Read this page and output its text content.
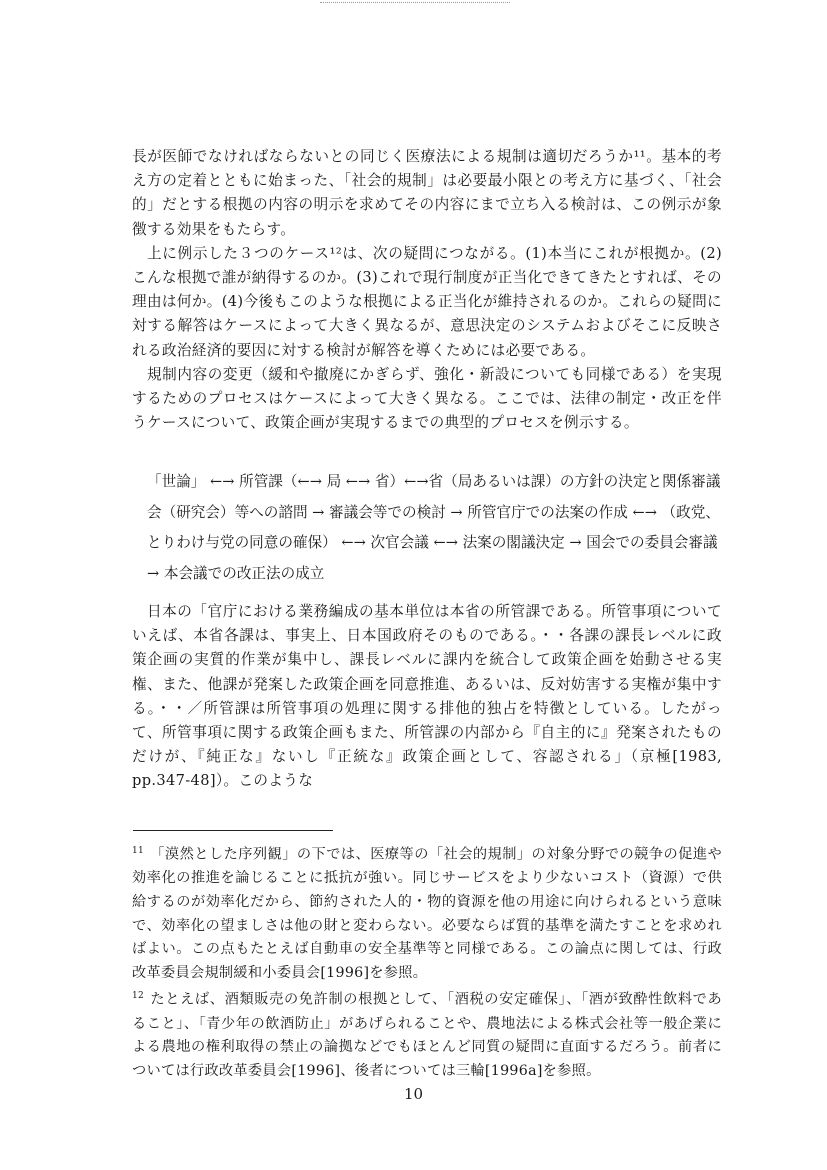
長が医師でなければならないとの同じく医療法による規制は適切だろうか¹¹。基本的考え方の定着とともに始まった、「社会的規制」は必要最小限との考え方に基づく、「社会的」だとする根拠の内容の明示を求めてその内容にまで立ち入る検討は、この例示が象徴する効果をもたらす。

上に例示した３つのケース¹²は、次の疑問につながる。(1)本当にこれが根拠か。(2)こんな根拠で誰が納得するのか。(3)これで現行制度が正当化できてきたとすれば、その理由は何か。(4)今後もこのような根拠による正当化が維持されるのか。これらの疑問に対する解答はケースによって大きく異なるが、意思決定のシステムおよびそこに反映される政治経済的要因に対する検討が解答を導くためには必要である。

規制内容の変更（緩和や撤廃にかぎらず、強化・新設についても同様である）を実現するためのプロセスはケースによって大きく異なる。ここでは、法律の制定・改正を伴うケースについて、政策企画が実現するまでの典型的プロセスを例示する。

「世論」 ←→ 所管課（←→ 局 ←→ 省）←→省（局あるいは課）の方針の決定と関係審議会（研究会）等への諮問 → 審議会等での検討 → 所管官庁での法案の作成 ←→ （政党、とりわけ与党の同意の確保） ←→ 次官会議 ←→ 法案の閣議決定 → 国会での委員会審議 → 本会議での改正法の成立

日本の「官庁における業務編成の基本単位は本省の所管課である。所管事項についていえば、本省各課は、事実上、日本国政府そのものである。・・各課の課長レベルに政策企画の実質的作業が集中し、課長レベルに課内を統合して政策企画を始動させる実権、また、他課が発案した政策企画を同意推進、あるいは、反対妨害する実権が集中する。・・／所管課は所管事項の処理に関する排他的独占を特徴としている。したがって、所管事項に関する政策企画もまた、所管課の内部から『自主的に』発案されたものだけが、『純正な』ないし『正統な』政策企画として、容認される」（京極[1983, pp.347-48]）。このような

$^{11}$ 「漠然とした序列観」の下では、医療等の「社会的規制」の対象分野での競争の促進や効率化の推進を論じることに抵抗が強い。同じサービスをより少ないコスト（資源）で供給するのが効率化だから、節約された人的・物的資源を他の用途に向けられるという意味で、効率化の望ましさは他の財と変わらない。必要ならば質的基準を満たすことを求めればよい。この点もたとえば自動車の安全基準等と同様である。この論点に関しては、行政改革委員会規制緩和小委員会[1996]を参照。

$^{12}$ たとえば、酒類販売の免許制の根拠として、「酒税の安定確保」、「酒が致酔性飲料であること」、「青少年の飲酒防止」があげられることや、農地法による株式会社等一般企業による農地の権利取得の禁止の論拠などでもほとんど同質の疑問に直面するだろう。前者については行政改革委員会[1996]、後者については三輪[1996a]を参照。

10
